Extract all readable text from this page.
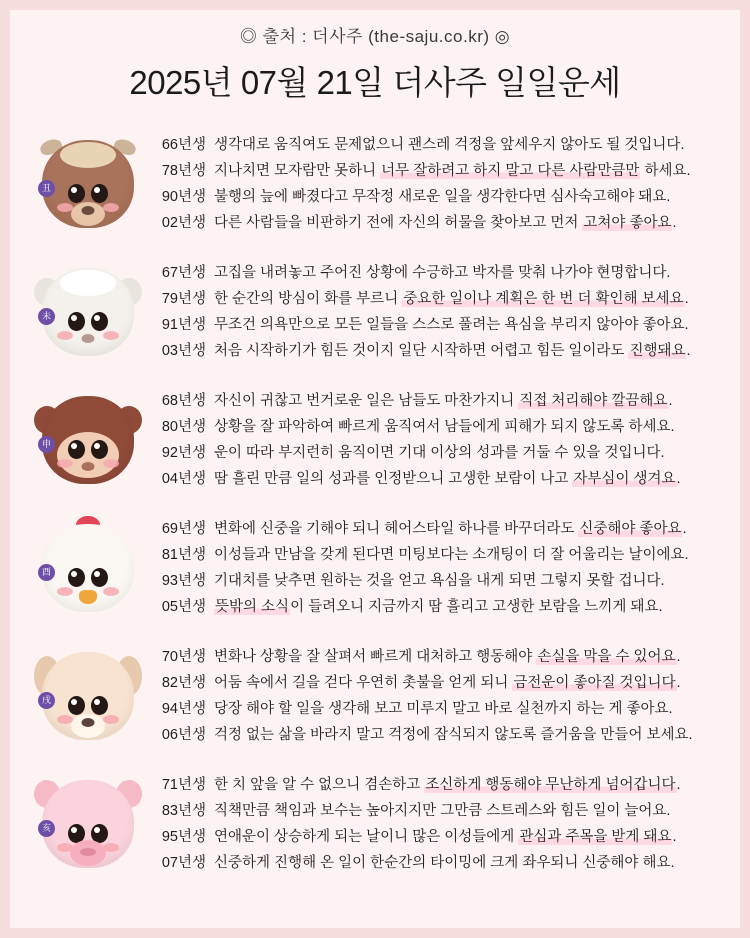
◎ 출처 : 더사주 (the-saju.co.kr) ◎
2025년 07월 21일 더사주 일일운세
丑
66년생
78년생
90년생
02년생
생각대로 움직여도 문제없으니 괜스레 걱정을 앞세우지 않아도 될 것입니다.
지나치면 모자람만 못하니 너무 잘하려고 하지 말고 다른 사람만큼만 하세요.
불행의 늪에 빠졌다고 무작정 새로운 일을 생각한다면 심사숙고해야 돼요.
다른 사람들을 비판하기 전에 자신의 허물을 찾아보고 먼저 고쳐야 좋아요.
未
67년생
79년생
91년생
03년생
고집을 내려놓고 주어진 상황에 수긍하고 박자를 맞춰 나가야 현명합니다.
한 순간의 방심이 화를 부르니 중요한 일이나 계획은 한 번 더 확인해 보세요.
무조건 의욕만으로 모든 일들을 스스로 풀려는 욕심을 부리지 않아야 좋아요.
처음 시작하기가 힘든 것이지 일단 시작하면 어렵고 힘든 일이라도 진행돼요.
申
68년생
80년생
92년생
04년생
자신이 귀찮고 번거로운 일은 남들도 마찬가지니 직접 처리해야 깔끔해요.
상황을 잘 파악하여 빠르게 움직여서 남들에게 피해가 되지 않도록 하세요.
운이 따라 부지런히 움직이면 기대 이상의 성과를 거둘 수 있을 것입니다.
땀 흘린 만큼 일의 성과를 인정받으니 고생한 보람이 나고 자부심이 생겨요.
酉
69년생
81년생
93년생
05년생
변화에 신중을 기해야 되니 헤어스타일 하나를 바꾸더라도 신중해야 좋아요.
이성들과 만남을 갖게 된다면 미팅보다는 소개팅이 더 잘 어울리는 날이에요.
기대치를 낮추면 원하는 것을 얻고 욕심을 내게 되면 그렇지 못할 겁니다.
뜻밖의 소식이 들려오니 지금까지 땀 흘리고 고생한 보람을 느끼게 돼요.
戌
70년생
82년생
94년생
06년생
변화나 상황을 잘 살펴서 빠르게 대처하고 행동해야 손실을 막을 수 있어요.
어둠 속에서 길을 걷다 우연히 촛불을 얻게 되니 금전운이 좋아질 것입니다.
당장 해야 할 일을 생각해 보고 미루지 말고 바로 실천까지 하는 게 좋아요.
걱정 없는 삶을 바라지 말고 걱정에 잠식되지 않도록 즐거움을 만들어 보세요.
亥
71년생
83년생
95년생
07년생
한 치 앞을 알 수 없으니 겸손하고 조신하게 행동해야 무난하게 넘어갑니다.
직책만큼 책임과 보수는 높아지지만 그만큼 스트레스와 힘든 일이 늘어요.
연애운이 상승하게 되는 날이니 많은 이성들에게 관심과 주목을 받게 돼요.
신중하게 진행해 온 일이 한순간의 타이밍에 크게 좌우되니 신중해야 해요.
